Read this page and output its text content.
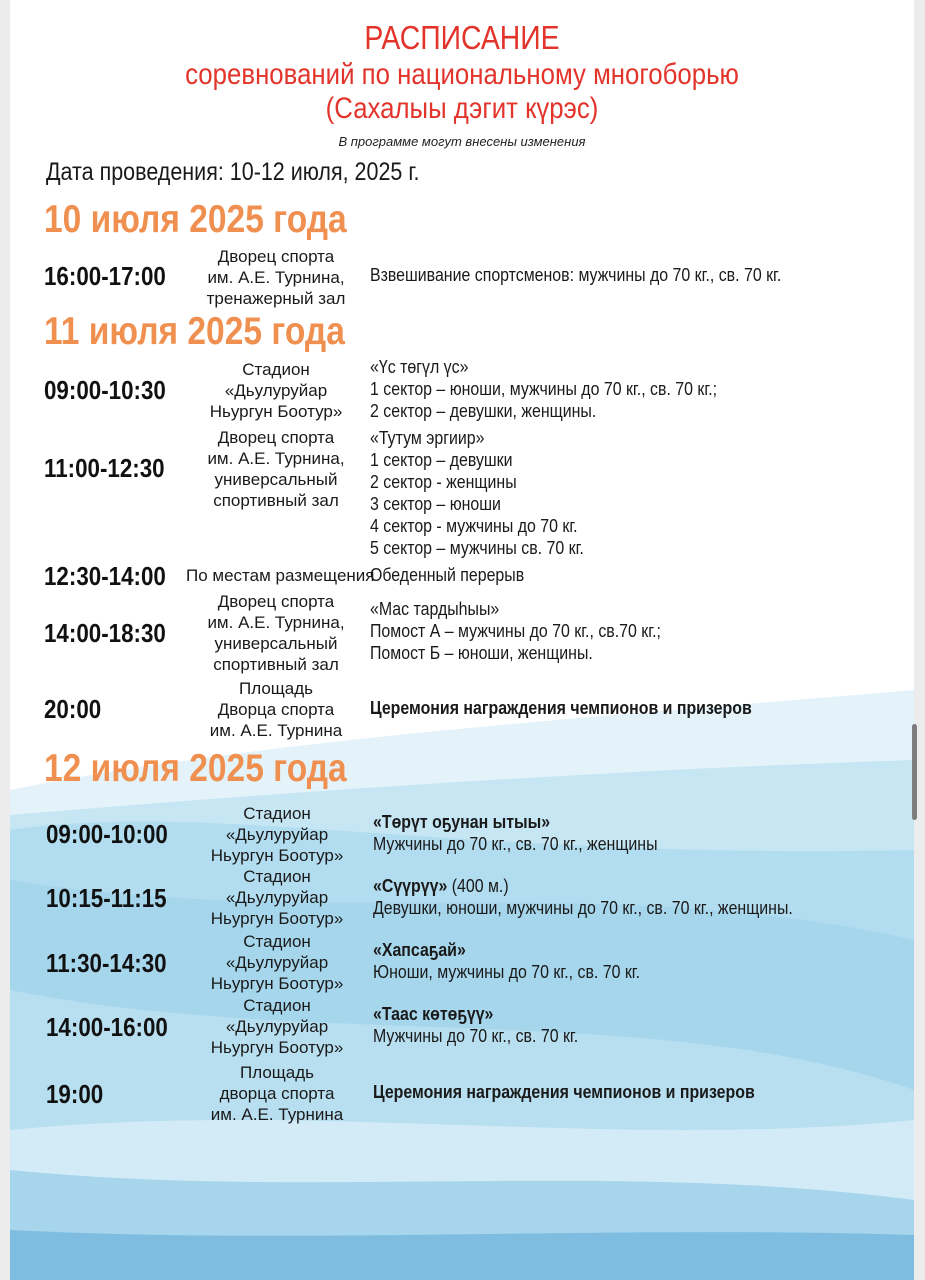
РАСПИСАНИЕ
соревнований по национальному многоборью
(Сахалыы дэгит күрэс)
В программе могут внесены изменения
Дата проведения: 10-12 июля, 2025 г.
10 июля 2025 года
16:00-17:00
Дворец спорта
им. А.Е. Турнина,
тренажерный зал
Взвешивание спортсменов: мужчины до 70 кг., св. 70 кг.
11 июля 2025 года
09:00-10:30
Стадион
«Дьулуруйар
Ньургун Боотур»
«Үс төгүл үс»
1 сектор – юноши, мужчины до 70 кг., св. 70 кг.;
2 сектор – девушки, женщины.
11:00-12:30
Дворец спорта
им. А.Е. Турнина,
универсальный
спортивный зал
«Тутум эргиир»
1 сектор – девушки
2 сектор - женщины
3 сектор – юноши
4 сектор - мужчины до 70 кг.
5 сектор – мужчины св. 70 кг.
12:30-14:00 По местам размещения
Обеденный перерыв
14:00-18:30
Дворец спорта
им. А.Е. Турнина,
универсальный
спортивный зал
«Мас тардыhыы»
Помост А – мужчины до 70 кг., св.70 кг.;
Помост Б – юноши, женщины.
20:00
Площадь
Дворца спорта
им. А.Е. Турнина
Церемония награждения чемпионов и призеров
12 июля 2025 года
09:00-10:00
Стадион
«Дьулуруйар
Ньургун Боотур»
«Төрүт оҕунан ытыы»
Мужчины до 70 кг., св. 70 кг., женщины
10:15-11:15
Стадион
«Дьулуруйар
Ньургун Боотур»
«Сүүрүү» (400 м.)
Девушки, юноши, мужчины до 70 кг., св. 70 кг., женщины.
11:30-14:30
Стадион
«Дьулуруйар
Ньургун Боотур»
«Хапсаҕай»
Юноши, мужчины до 70 кг., св. 70 кг.
14:00-16:00
Стадион
«Дьулуруйар
Ньургун Боотур»
«Таас көтөҕүү»
Мужчины до 70 кг., св. 70 кг.
19:00
Площадь
дворца спорта
им. А.Е. Турнина
Церемония награждения чемпионов и призеров
